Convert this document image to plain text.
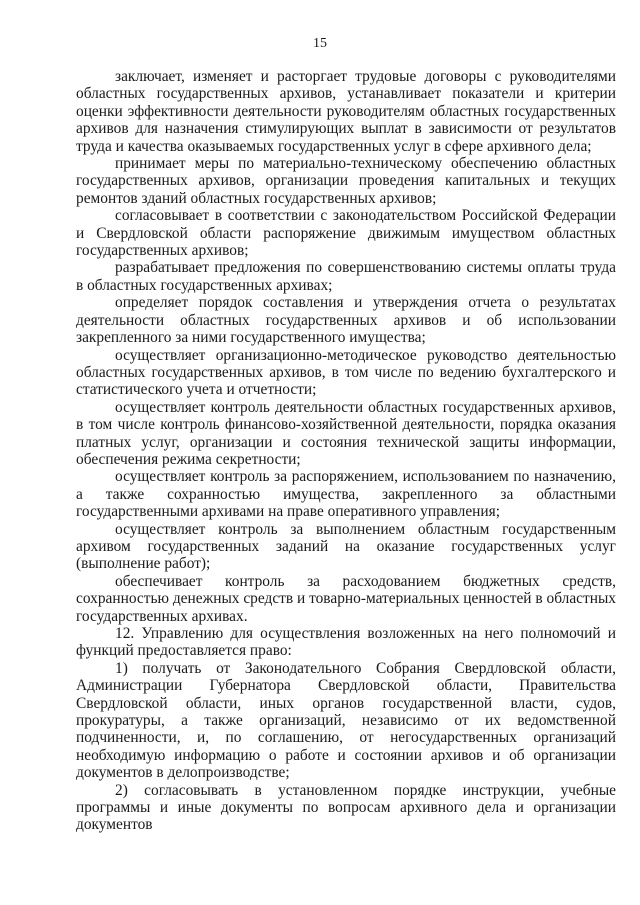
15

заключает, изменяет и расторгает трудовые договоры с руководителями областных государственных архивов, устанавливает показатели и критерии оценки эффективности деятельности руководителям областных государственных архивов для назначения стимулирующих выплат в зависимости от результатов труда и качества оказываемых государственных услуг в сфере архивного дела;

принимает меры по материально-техническому обеспечению областных государственных архивов, организации проведения капитальных и текущих ремонтов зданий областных государственных архивов;

согласовывает в соответствии с законодательством Российской Федерации и Свердловской области распоряжение движимым имуществом областных государственных архивов;

разрабатывает предложения по совершенствованию системы оплаты труда в областных государственных архивах;

определяет порядок составления и утверждения отчета о результатах деятельности областных государственных архивов и об использовании закрепленного за ними государственного имущества;

осуществляет организационно-методическое руководство деятельностью областных государственных архивов, в том числе по ведению бухгалтерского и статистического учета и отчетности;

осуществляет контроль деятельности областных государственных архивов, в том числе контроль финансово-хозяйственной деятельности, порядка оказания платных услуг, организации и состояния технической защиты информации, обеспечения режима секретности;

осуществляет контроль за распоряжением, использованием по назначению, а также сохранностью имущества, закрепленного за областными государственными архивами на праве оперативного управления;

осуществляет контроль за выполнением областным государственным архивом государственных заданий на оказание государственных услуг (выполнение работ);

обеспечивает контроль за расходованием бюджетных средств, сохранностью денежных средств и товарно-материальных ценностей в областных государственных архивах.

12. Управлению для осуществления возложенных на него полномочий и функций предоставляется право:

1) получать от Законодательного Собрания Свердловской области, Администрации Губернатора Свердловской области, Правительства Свердловской области, иных органов государственной власти, судов, прокуратуры, а также организаций, независимо от их ведомственной подчиненности, и, по соглашению, от негосударственных организаций необходимую информацию о работе и состоянии архивов и об организации документов в делопроизводстве;

2) согласовывать в установленном порядке инструкции, учебные программы и иные документы по вопросам архивного дела и организации документов
